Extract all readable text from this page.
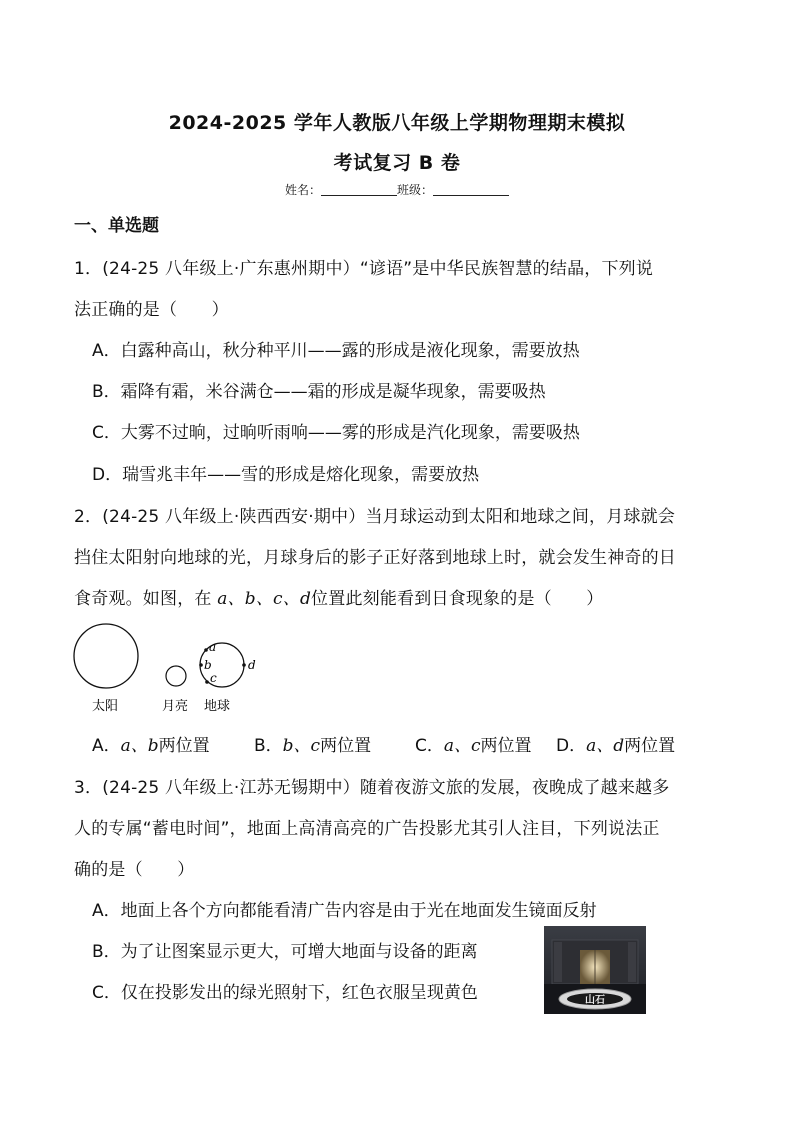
2024-2025 学年人教版八年级上学期物理期末模拟
考试复习 B 卷
姓名：	班级：
一、单选题
1．(24-25 八年级上·广东惠州期中）“谚语”是中华民族智慧的结晶，下列说
法正确的是（　　）
A．白露种高山，秋分种平川——露的形成是液化现象，需要放热
B．霜降有霜，米谷满仓——霜的形成是凝华现象，需要吸热
C．大雾不过晌，过晌听雨响——雾的形成是汽化现象，需要吸热
D．瑞雪兆丰年——雪的形成是熔化现象，需要放热
2．(24-25 八年级上·陕西西安·期中）当月球运动到太阳和地球之间，月球就会
挡住太阳射向地球的光，月球身后的影子正好落到地球上时，就会发生神奇的日
食奇观。如图，在 a、b、c、d位置此刻能看到日食现象的是（　　）
a
b
c
d
太阳	月亮 地球
A．a、b两位置	B．b、c两位置	C．a、c两位置 D．a、d两位置
3．(24-25 八年级上·江苏无锡期中）随着夜游文旅的发展，夜晚成了越来越多
人的专属“蓄电时间”，地面上高清高亮的广告投影尤其引人注目，下列说法正
确的是（　　）
A．地面上各个方向都能看清广告内容是由于光在地面发生镜面反射
B．为了让图案显示更大，可增大地面与设备的距离
C．仅在投影发出的绿光照射下，红色衣服呈现黄色	山石
